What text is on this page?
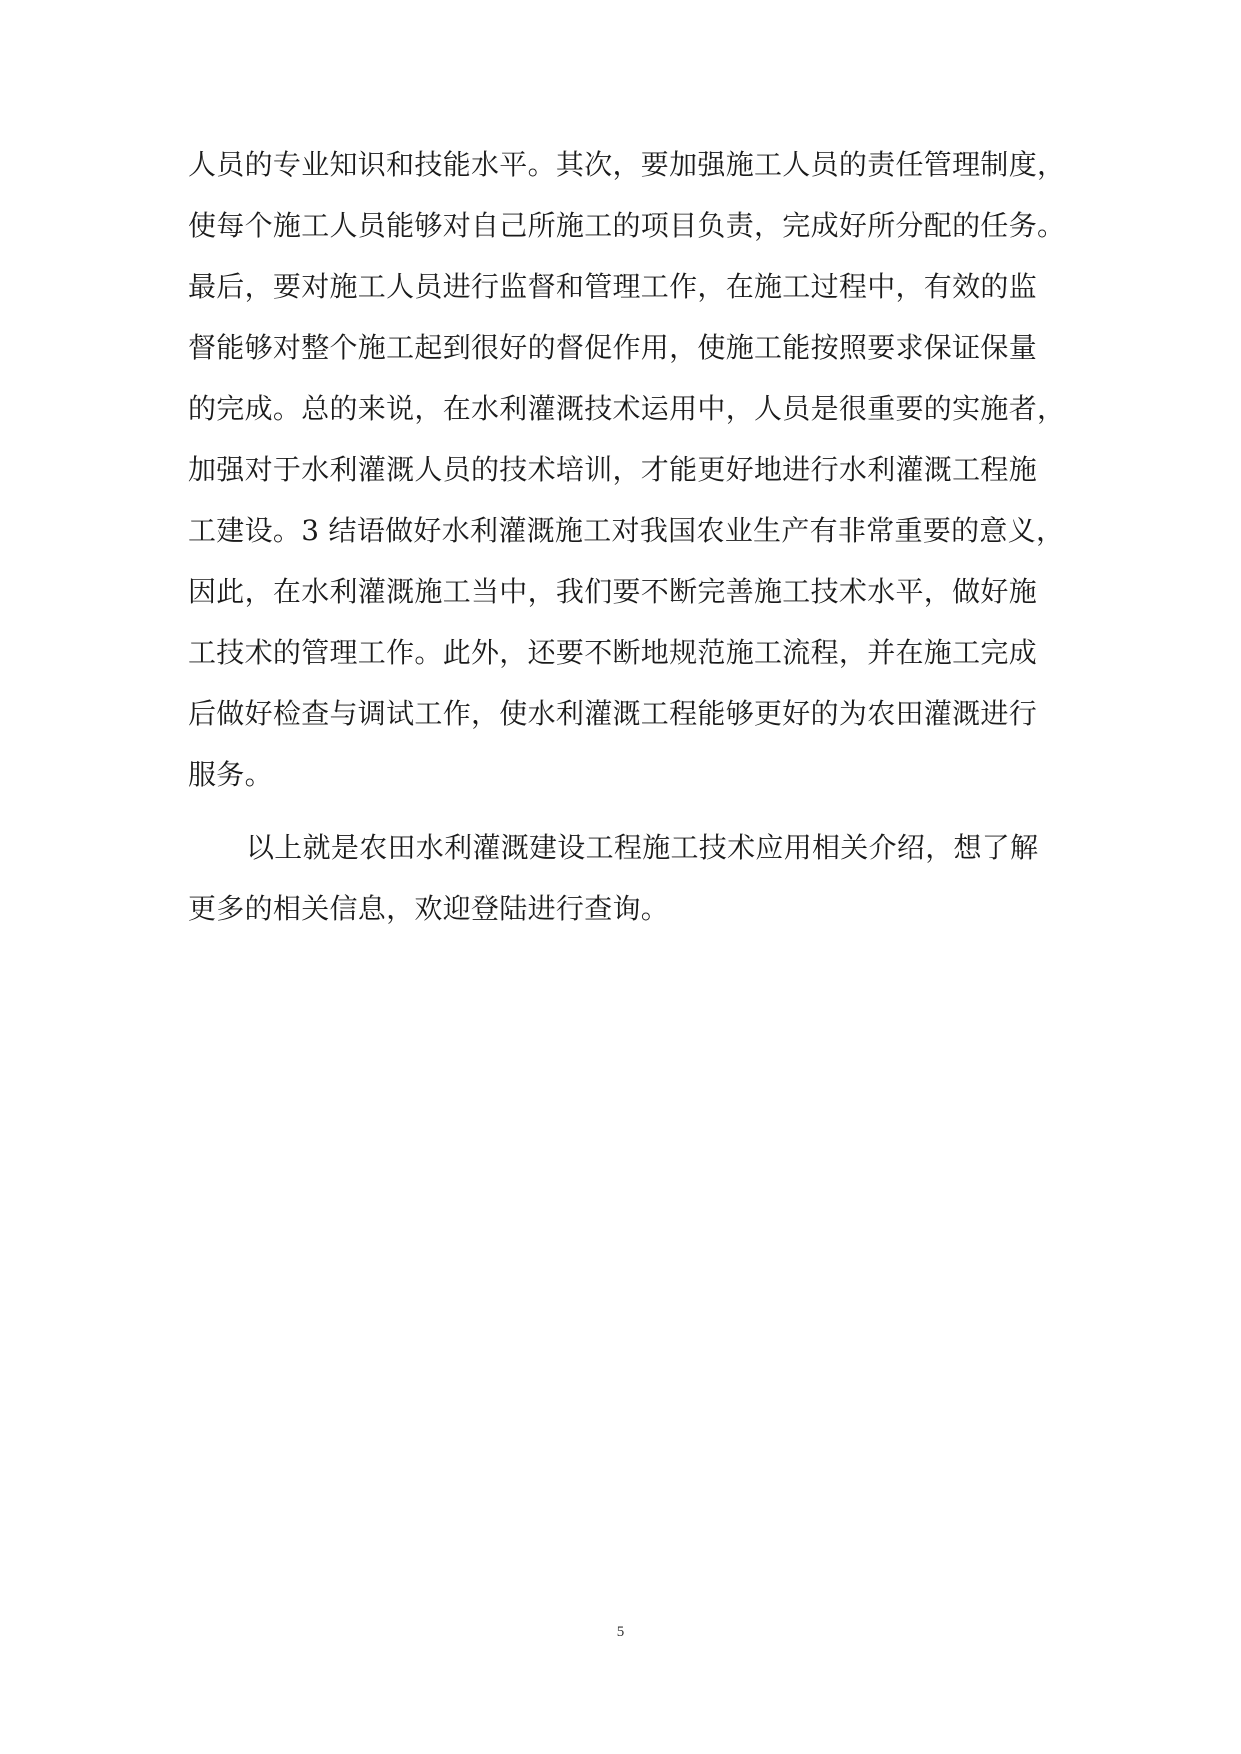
人员的专业知识和技能水平。其次，要加强施工人员的责任管理制度，
使每个施工人员能够对自己所施工的项目负责，完成好所分配的任务。
最后，要对施工人员进行监督和管理工作，在施工过程中，有效的监
督能够对整个施工起到很好的督促作用，使施工能按照要求保证保量
的完成。总的来说，在水利灌溉技术运用中，人员是很重要的实施者，
加强对于水利灌溉人员的技术培训，才能更好地进行水利灌溉工程施
工建设。3 结语做好水利灌溉施工对我国农业生产有非常重要的意义，
因此，在水利灌溉施工当中，我们要不断完善施工技术水平，做好施
工技术的管理工作。此外，还要不断地规范施工流程，并在施工完成
后做好检查与调试工作，使水利灌溉工程能够更好的为农田灌溉进行
服务。
以上就是农田水利灌溉建设工程施工技术应用相关介绍，想了解
更多的相关信息，欢迎登陆进行查询。
5
